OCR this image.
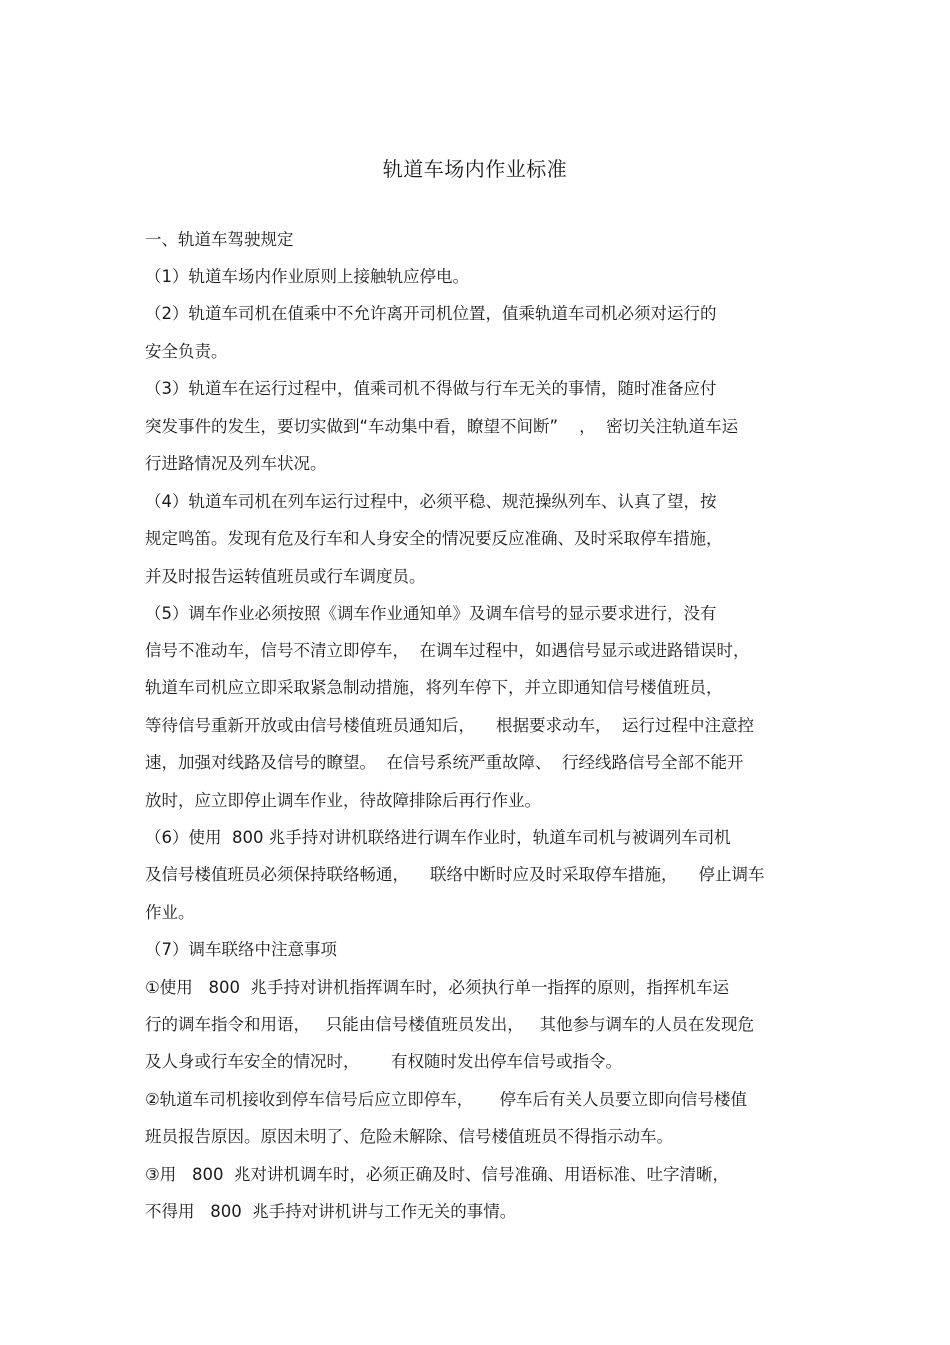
轨道车场内作业标准
一、轨道车驾驶规定
（1）轨道车场内作业原则上接触轨应停电。
（2）轨道车司机在值乘中不允许离开司机位置，值乘轨道车司机必须对运行的
安全负责。
（3）轨道车在运行过程中，值乘司机不得做与行车无关的事情，随时准备应付
突发事件的发生，要切实做到“车动集中看，瞭望不间断”    ，  密切关注轨道车运
行进路情况及列车状况。
（4）轨道车司机在列车运行过程中，必须平稳、规范操纵列车、认真了望，按
规定鸣笛。发现有危及行车和人身安全的情况要反应准确、及时采取停车措施，
并及时报告运转值班员或行车调度员。
（5）调车作业必须按照《调车作业通知单》及调车信号的显示要求进行，没有
信号不准动车，信号不清立即停车，  在调车过程中，如遇信号显示或进路错误时，
轨道车司机应立即采取紧急制动措施，将列车停下，并立即通知信号楼值班员，
等待信号重新开放或由信号楼值班员通知后，    根据要求动车，  运行过程中注意控
速，加强对线路及信号的瞭望。  在信号系统严重故障、  行经线路信号全部不能开
放时，应立即停止调车作业，待故障排除后再行作业。
（6）使用  800 兆手持对讲机联络进行调车作业时，轨道车司机与被调列车司机
及信号楼值班员必须保持联络畅通，    联络中断时应及时采取停车措施，    停止调车
作业。
（7）调车联络中注意事项
①使用   800  兆手持对讲机指挥调车时，必须执行单一指挥的原则，指挥机车运
行的调车指令和用语，   只能由信号楼值班员发出，   其他参与调车的人员在发现危
及人身或行车安全的情况时，      有权随时发出停车信号或指令。
②轨道车司机接收到停车信号后应立即停车，     停车后有关人员要立即向信号楼值
班员报告原因。原因未明了、危险未解除、信号楼值班员不得指示动车。
③用   800  兆对讲机调车时，必须正确及时、信号准确、用语标准、吐字清晰，
不得用   800  兆手持对讲机讲与工作无关的事情。
